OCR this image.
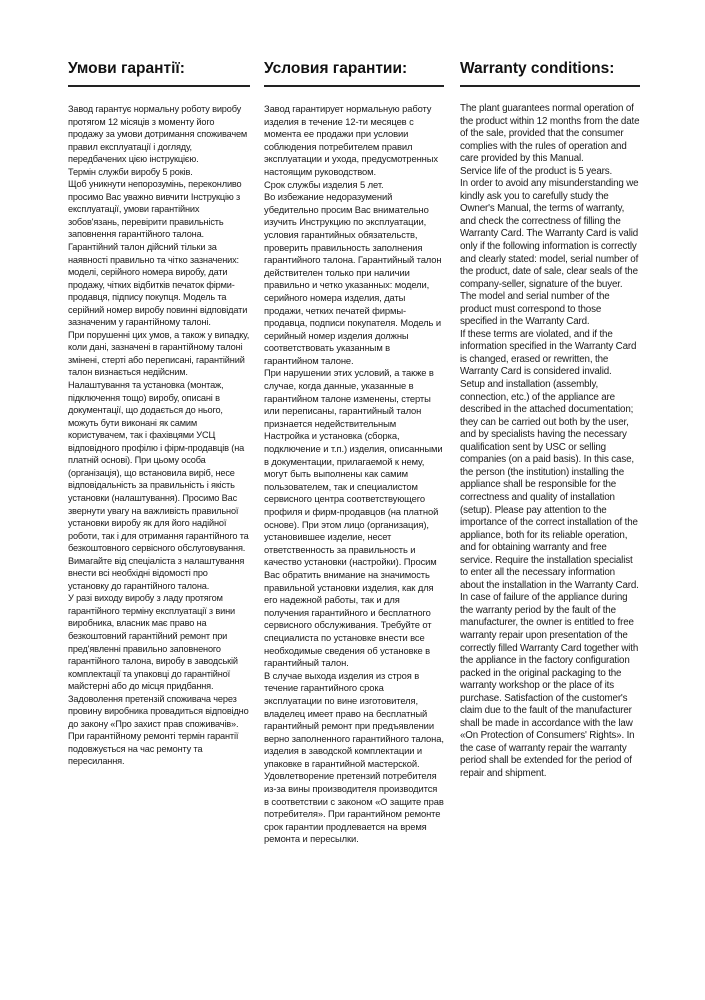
Умови гарантії:

Завод гарантує нормальну роботу виробу протягом 12 місяців з моменту його продажу за умови дотримання споживачем правил експлуатації і догляду, передбачених цією інструкцією.

Термін служби виробу 5 років.

Щоб уникнути непорозумінь, переконливо просимо Вас уважно вивчити Інструкцію з експлуатації, умови гарантійних зобов'язань, перевірити правильність заповнення гарантійного талона. Гарантійний талон дійсний тільки за наявності правильно та чітко зазначених: моделі, серійного номера виробу, дати продажу, чітких відбитків печаток фірми-продавця, підпису покупця. Модель та серійний номер виробу повинні відповідати зазначеним у гарантійному талоні.

При порушенні цих умов, а також у випадку, коли дані, зазначені в гарантійному талоні змінені, стерті або переписані, гарантійний талон визнається недійсним.

Налаштування та установка (монтаж, підключення тощо) виробу, описані в документації, що додається до нього, можуть бути виконані як самим користувачем, так і фахівцями УСЦ відповідного профілю і фірм-продавців (на платній основі). При цьому особа (організація), що встановила виріб, несе відповідальність за правильність і якість установки (налаштування). Просимо Вас звернути увагу на важливість правильної установки виробу як для його надійної роботи, так і для отримання гарантійного та безкоштовного сервісного обслуговування. Вимагайте від спеціаліста з налаштування внести всі необхідні відомості про установку до гарантійного талона.

У разі виходу виробу з ладу протягом гарантійного терміну експлуатації з вини виробника, власник має право на безкоштовний гарантійний ремонт при пред'явленні правильно заповненого гарантійного талона, виробу в заводській комплектації та упаковці до гарантійної майстерні або до місця придбання. Задоволення претензій споживача через провину виробника провадиться відповідно до закону «Про захист прав споживачів». При гарантійному ремонті термін гарантії подовжується на час ремонту та пересилання.

Условия гарантии:

Завод гарантирует нормальную работу изделия в течение 12-ти месяцев с момента ее продажи при условии соблюдения потребителем правил эксплуатации и ухода, предусмотренных настоящим руководством.

Срок службы изделия 5 лет.

Во избежание недоразумений убедительно просим Вас внимательно изучить Инструкцию по эксплуатации, условия гарантийных обязательств, проверить правильность заполнения гарантийного талона. Гарантийный талон действителен только при наличии правильно и четко указанных: модели, серийного номера изделия, даты продажи, четких печатей фирмы-продавца, подписи покупателя. Модель и серийный номер изделия должны соответствовать указанным в гарантийном талоне.

При нарушении этих условий, а также в случае, когда данные, указанные в гарантийном талоне изменены, стерты или переписаны, гарантийный талон признается недействительным

Настройка и установка (сборка, подключение и т.п.) изделия, описанными в документации, прилагаемой к нему, могут быть выполнены как самим пользователем, так и специалистом сервисного центра соответствующего профиля и фирм-продавцов (на платной основе). При этом лицо (организация), установившее изделие, несет ответственность за правильность и качество установки (настройки). Просим Вас обратить внимание на значимость правильной установки изделия, как для его надежной работы, так и для получения гарантийного и бесплатного сервисного обслуживания. Требуйте от специалиста по установке внести все необходимые сведения об установке в гарантийный талон.

В случае выхода изделия из строя в течение гарантийного срока эксплуатации по вине изготовителя, владелец имеет право на бесплатный гарантийный ремонт при предъявлении верно заполненного гарантийного талона, изделия в заводской комплектации и упаковке в гарантийной мастерской. Удовлетворение претензий потребителя из-за вины производителя производится в соответствии с законом «О защите прав потребителя». При гарантийном ремонте срок гарантии продлевается на время ремонта и пересылки.

Warranty conditions:

The plant guarantees normal operation of the product within 12 months from the date of the sale, provided that the consumer complies with the rules of operation and care provided by this Manual.

Service life of the product is 5 years.

In order to avoid any misunderstanding we kindly ask you to carefully study the Owner's Manual, the terms of warranty, and check the correctness of filling the Warranty Card. The Warranty Card is valid only if the following information is correctly and clearly stated: model, serial number of the product, date of sale, clear seals of the company-seller, signature of the buyer. The model and serial number of the product must correspond to those specified in the Warranty Card.

If these terms are violated, and if the information specified in the Warranty Card is changed, erased or rewritten, the Warranty Card is considered invalid.

Setup and installation (assembly, connection, etc.) of the appliance are described in the attached documentation; they can be carried out both by the user, and by specialists having the necessary qualification sent by USC or selling companies (on a paid basis). In this case, the person (the institution) installing the appliance shall be responsible for the correctness and quality of installation (setup). Please pay attention to the importance of the correct installation of the appliance, both for its reliable operation, and for obtaining warranty and free service. Require the installation specialist to enter all the necessary information about the installation in the Warranty Card.

In case of failure of the appliance during the warranty period by the fault of the manufacturer, the owner is entitled to free warranty repair upon presentation of the correctly filled Warranty Card together with the appliance in the factory configuration packed in the original packaging to the warranty workshop or the place of its purchase. Satisfaction of the customer's claim due to the fault of the manufacturer shall be made in accordance with the law «On Protection of Consumers' Rights». In the case of warranty repair the warranty period shall be extended for the period of repair and shipment.
